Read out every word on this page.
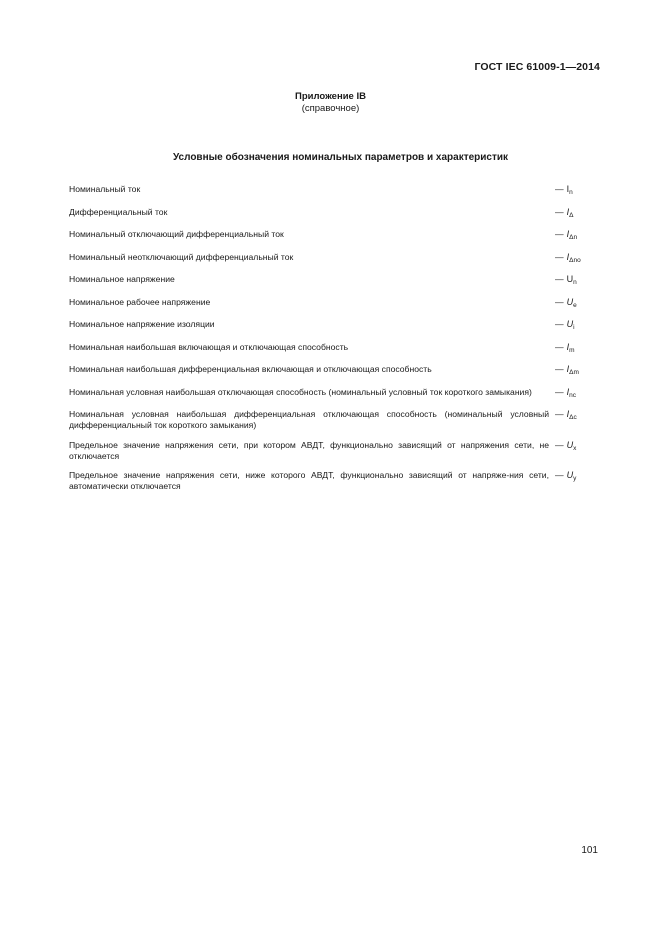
ГОСТ IEC 61009-1—2014
Приложение IB
(справочное)
Условные обозначения номинальных параметров и характеристик
Номинальный ток	— $I_n$
Дифференциальный ток	— $I_\Delta$
Номинальный отключающий дифференциальный ток	— $I_{\Delta n}$
Номинальный неотключающий дифференциальный ток	— $I_{\Delta no}$
Номинальное напряжение	— $U_n$
Номинальное рабочее напряжение	— $U_e$
Номинальное напряжение изоляции	— $U_i$
Номинальная наибольшая включающая и отключающая способность	— $I_m$
Номинальная наибольшая дифференциальная включающая и отключающая способность	— $I_{\Delta m}$
Номинальная условная наибольшая отключающая способность (номинальный условный ток короткого замыкания)	— $I_{nc}$
Номинальная условная наибольшая дифференциальная отключающая способность (номинальный условный дифференциальный ток короткого замыкания)
— $I_{\Delta c}$
Предельное значение напряжения сети, при котором АВДТ, функционально зависящий от напряжения сети, не отключается
— $U_x$
Предельное значение напряжения сети, ниже которого АВДТ, функционально зависящий от напряже-ния сети, автоматически отключается
— $U_y$
101
